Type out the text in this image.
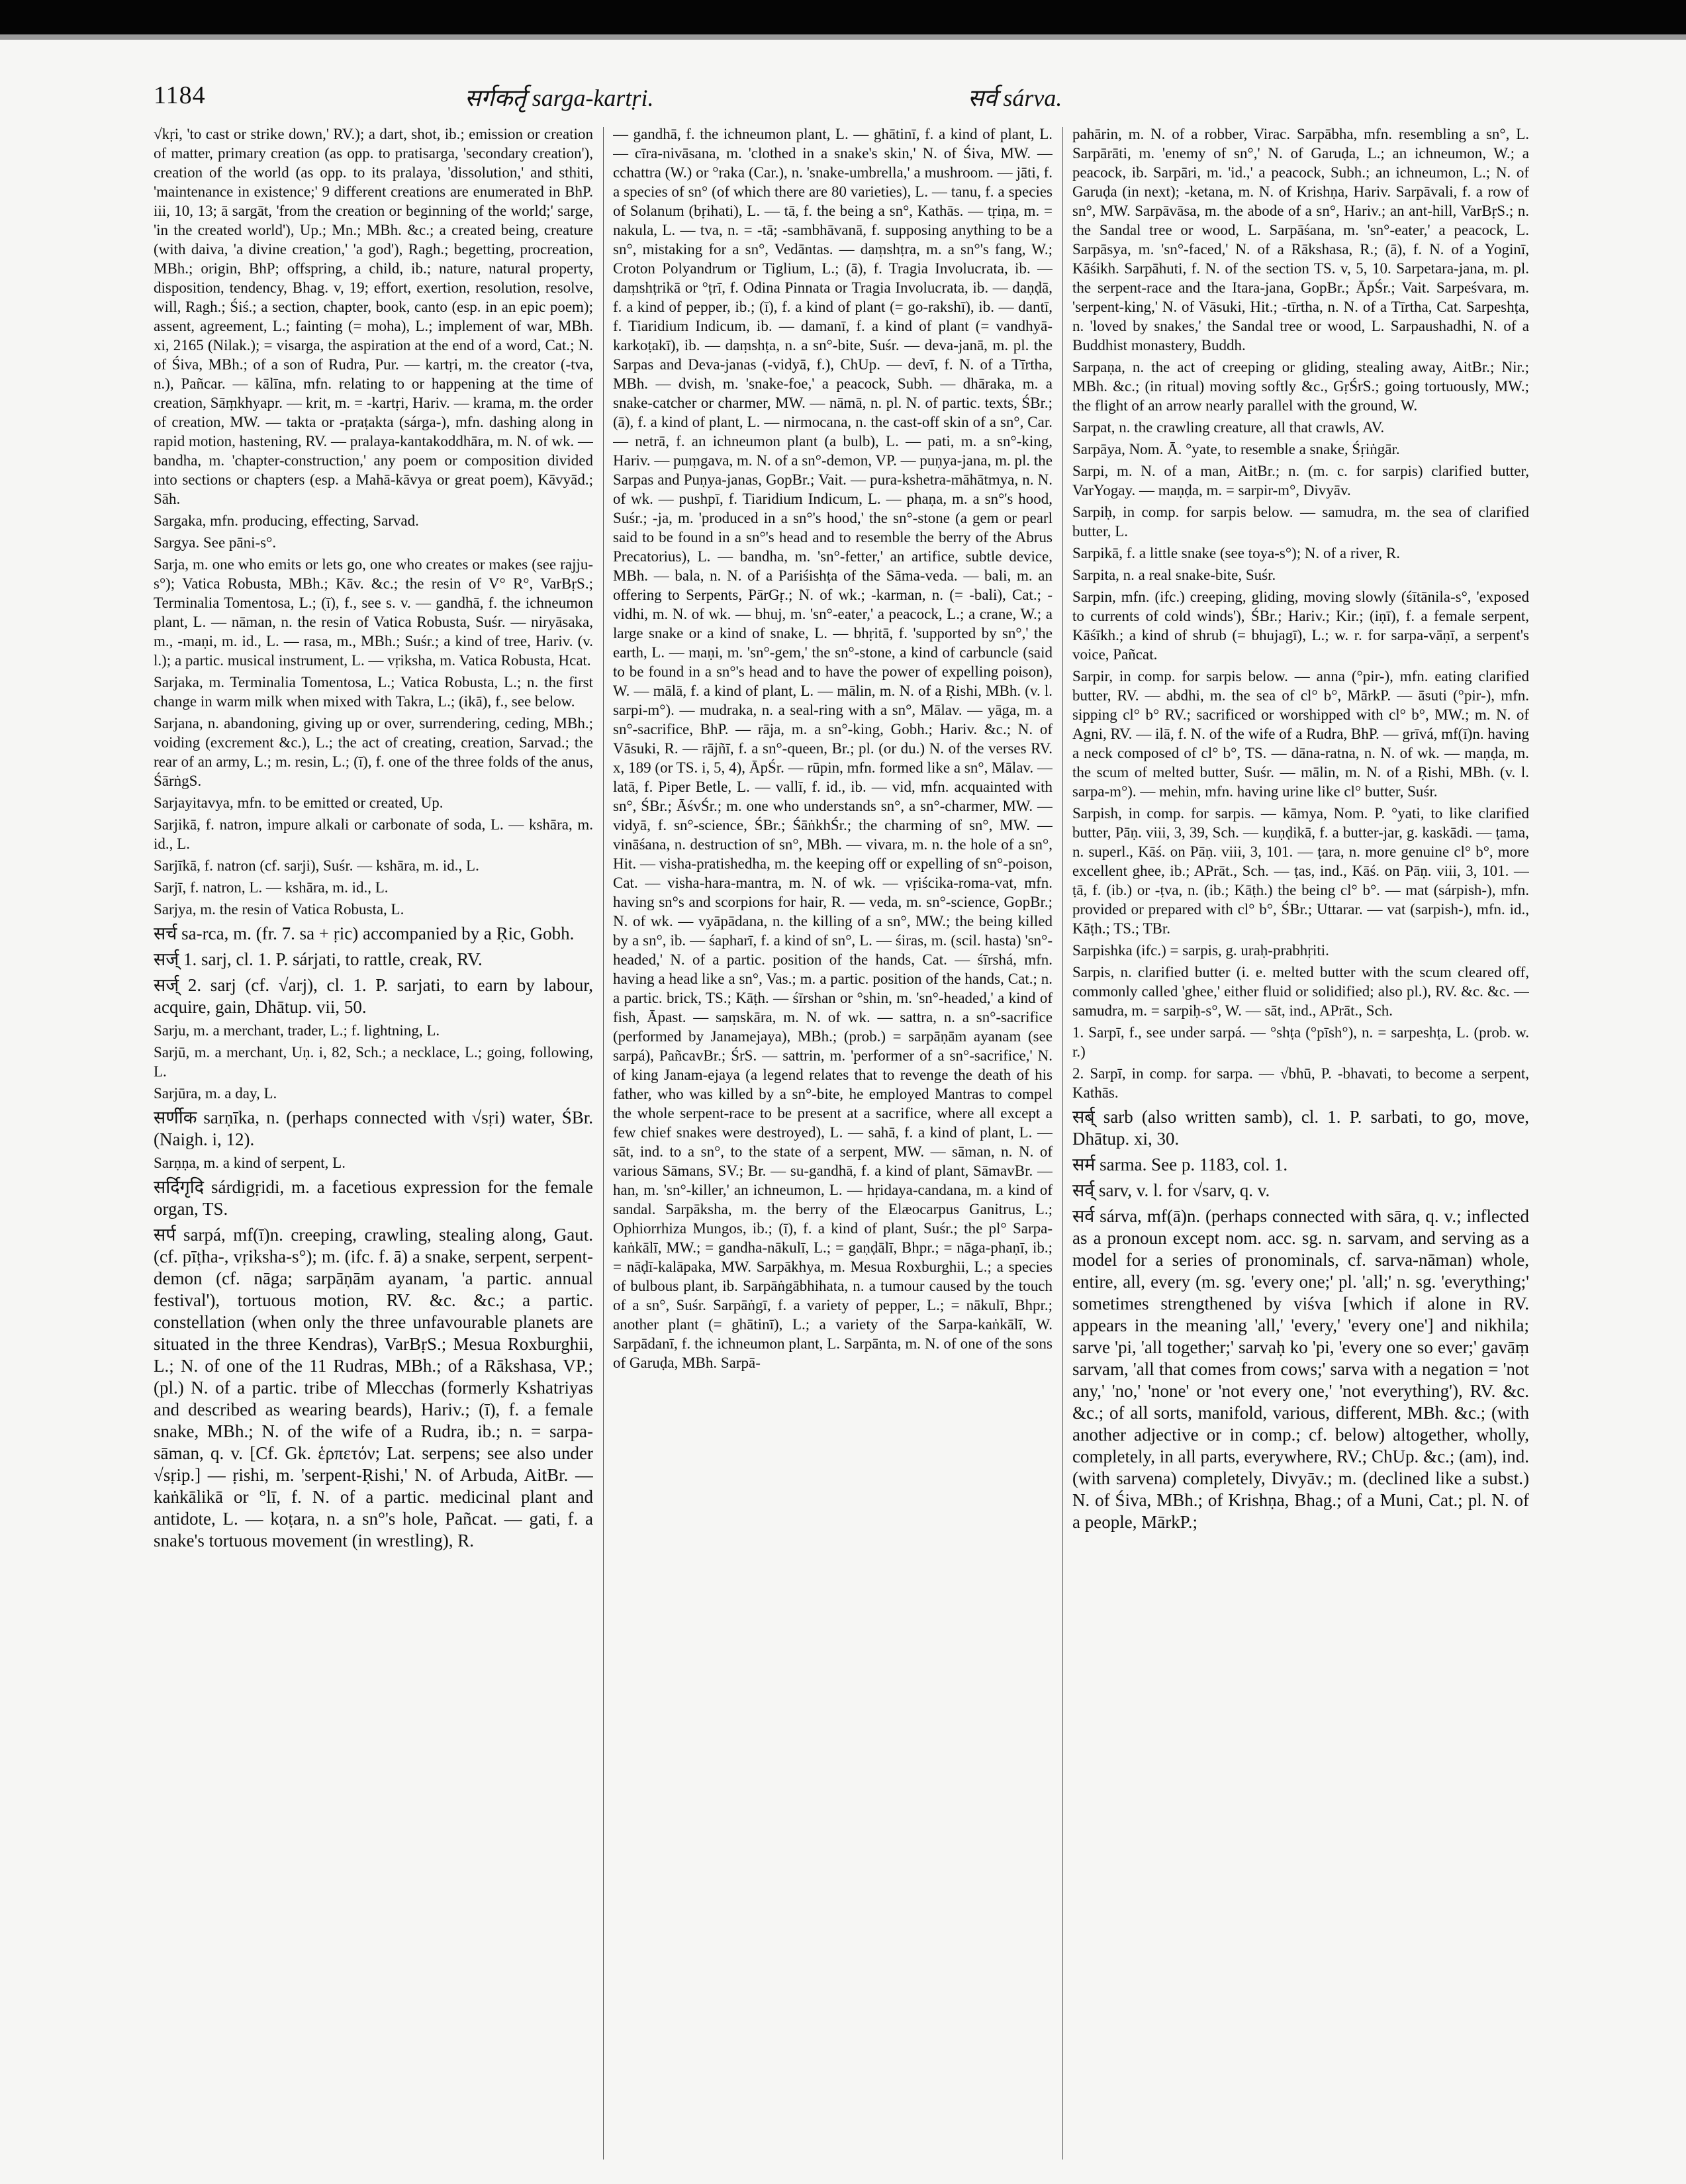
1184	सर्गकर्तृ sarga-kartṛi.	सर्व sárva.

√kṛi, 'to cast or strike down,' RV.); a dart, shot, ib.; emission or creation of matter, primary creation (as opp. to pratisarga, 'secondary creation'), creation of the world (as opp. to its pralaya, 'dissolution,' and sthiti, 'maintenance in existence;' 9 different creations are enumerated in BhP. iii, 10, 13; ā sargāt, 'from the creation or beginning of the world;' sarge, 'in the created world'), Up.; Mn.; MBh. &c.; a created being, creature (with daiva, 'a divine creation,' 'a god'), Ragh.; begetting, procreation, MBh.; origin, BhP; offspring, a child, ib.; nature, natural property, disposition, tendency, Bhag. v, 19; effort, exertion, resolution, resolve, will, Ragh.; Śiś.; a section, chapter, book, canto (esp. in an epic poem); assent, agreement, L.; fainting (= moha), L.; implement of war, MBh. xi, 2165 (Nilak.); = visarga, the aspiration at the end of a word, Cat.; N. of Śiva, MBh.; of a son of Rudra, Pur. — kartṛi, m. the creator (-tva, n.), Pañcar. — kālīna, mfn. relating to or happening at the time of creation, Sāṃkhyapr. — krit, m. = -kartṛi, Hariv. — krama, m. the order of creation, MW. — takta or -praṭakta (sárga-), mfn. dashing along in rapid motion, hastening, RV. — pralaya-kantakoddhāra, m. N. of wk. — bandha, m. 'chapter-construction,' any poem or composition divided into sections or chapters (esp. a Mahā-kāvya or great poem), Kāvyād.; Sāh.

Sargaka, mfn. producing, effecting, Sarvad.

Sargya. See pāni-s°.

Sarja, m. one who emits or lets go, one who creates or makes (see rajju-s°); Vatica Robusta, MBh.; Kāv. &c.; the resin of V° R°, VarBṛS.; Terminalia Tomentosa, L.; (ī), f., see s. v. — gandhā, f. the ichneumon plant, L. — nāman, n. the resin of Vatica Robusta, Suśr. — niryāsaka, m., -maṇi, m. id., L. — rasa, m., MBh.; Suśr.; a kind of tree, Hariv. (v. l.); a partic. musical instrument, L. — vṛiksha, m. Vatica Robusta, Hcat.

Sarjaka, m. Terminalia Tomentosa, L.; Vatica Robusta, L.; n. the first change in warm milk when mixed with Takra, L.; (ikā), f., see below.

Sarjana, n. abandoning, giving up or over, surrendering, ceding, MBh.; voiding (excrement &c.), L.; the act of creating, creation, Sarvad.; the rear of an army, L.; m. resin, L.; (ī), f. one of the three folds of the anus, ŚārṅgS.

Sarjayitavya, mfn. to be emitted or created, Up.

Sarjikā, f. natron, impure alkali or carbonate of soda, L. — kshāra, m. id., L.

Sarjīkā, f. natron (cf. sarji), Suśr. — kshāra, m. id., L.

Sarjī, f. natron, L. — kshāra, m. id., L.

Sarjya, m. the resin of Vatica Robusta, L.

सर्च sa-rca, m. (fr. 7. sa + ṛic) accompanied by a Ṛic, Gobh.

सर्ज् 1. sarj, cl. 1. P. sárjati, to rattle, creak, RV.

सर्ज् 2. sarj (cf. √arj), cl. 1. P. sarjati, to earn by labour, acquire, gain, Dhātup. vii, 50.

Sarju, m. a merchant, trader, L.; f. lightning, L.

Sarjū, m. a merchant, Uṇ. i, 82, Sch.; a necklace, L.; going, following, L.

Sarjūra, m. a day, L.

सर्णीक sarṇīka, n. (perhaps connected with √sṛi) water, ŚBr. (Naigh. i, 12).

Sarṇṇa, m. a kind of serpent, L.

सर्दिगृदि sárdigṛidi, m. a facetious expression for the female organ, TS.

सर्प sarpá, mf(ī)n. creeping, crawling, stealing along, Gaut. (cf. pīṭha-, vṛiksha-s°); m. (ifc. f. ā) a snake, serpent, serpent-demon (cf. nāga; sarpāṇām ayanam, 'a partic. annual festival'), tortuous motion, RV. &c. &c.; a partic. constellation (when only the three unfavourable planets are situated in the three Kendras), VarBṛS.; Mesua Roxburghii, L.; N. of one of the 11 Rudras, MBh.; of a Rākshasa, VP.; (pl.) N. of a partic. tribe of Mlecchas (formerly Kshatriyas and described as wearing beards), Hariv.; (ī), f. a female snake, MBh.; N. of the wife of a Rudra, ib.; n. = sarpa-sāman, q. v. [Cf. Gk. ἑρπετόν; Lat. serpens; see also under √sṛip.] — ṛishi, m. 'serpent-Ṛishi,' N. of Arbuda, AitBr. — kaṅkālikā or °lī, f. N. of a partic. medicinal plant and antidote, L. — koṭara, n. a sn°'s hole, Pañcat. — gati, f. a snake's tortuous movement (in wrestling), R.

— gandhā, f. the ichneumon plant, L. — ghātinī, f. a kind of plant, L. — cīra-nivāsana, m. 'clothed in a snake's skin,' N. of Śiva, MW. — cchattra (W.) or °raka (Car.), n. 'snake-umbrella,' a mushroom. — jāti, f. a species of sn° (of which there are 80 varieties), L. — tanu, f. a species of Solanum (bṛihati), L. — tā, f. the being a sn°, Kathās. — tṛiṇa, m. = nakula, L. — tva, n. = -tā; -sambhāvanā, f. supposing anything to be a sn°, mistaking for a sn°, Vedāntas. — daṃshṭra, m. a sn°'s fang, W.; Croton Polyandrum or Tiglium, L.; (ā), f. Tragia Involucrata, ib. — daṃshṭrikā or °ṭrī, f. Odina Pinnata or Tragia Involucrata, ib. — daṇḍā, f. a kind of pepper, ib.; (ī), f. a kind of plant (= go-rakshī), ib. — dantī, f. Tiaridium Indicum, ib. — damanī, f. a kind of plant (= vandhyā-karkoṭakī), ib. — daṃshṭa, n. a sn°-bite, Suśr. — deva-janā, m. pl. the Sarpas and Deva-janas (-vidyā, f.), ChUp. — devī, f. N. of a Tīrtha, MBh. — dvish, m. 'snake-foe,' a peacock, Subh. — dhāraka, m. a snake-catcher or charmer, MW. — nāmā, n. pl. N. of partic. texts, ŚBr.; (ā), f. a kind of plant, L. — nirmocana, n. the cast-off skin of a sn°, Car. — netrā, f. an ichneumon plant (a bulb), L. — pati, m. a sn°-king, Hariv. — puṃgava, m. N. of a sn°-demon, VP. — puṇya-jana, m. pl. the Sarpas and Puṇya-janas, GopBr.; Vait. — pura-kshetra-māhātmya, n. N. of wk. — pushpī, f. Tiaridium Indicum, L. — phaṇa, m. a sn°'s hood, Suśr.; -ja, m. 'produced in a sn°'s hood,' the sn°-stone (a gem or pearl said to be found in a sn°'s head and to resemble the berry of the Abrus Precatorius), L. — bandha, m. 'sn°-fetter,' an artifice, subtle device, MBh. — bala, n. N. of a Pariśishṭa of the Sāma-veda. — bali, m. an offering to Serpents, PārGṛ.; N. of wk.; -karman, n. (= -bali), Cat.; -vidhi, m. N. of wk. — bhuj, m. 'sn°-eater,' a peacock, L.; a crane, W.; a large snake or a kind of snake, L. — bhṛitā, f. 'supported by sn°,' the earth, L. — maṇi, m. 'sn°-gem,' the sn°-stone, a kind of carbuncle (said to be found in a sn°'s head and to have the power of expelling poison), W. — mālā, f. a kind of plant, L. — mālin, m. N. of a Ṛishi, MBh. (v. l. sarpi-m°). — mudraka, n. a seal-ring with a sn°, Mālav. — yāga, m. a sn°-sacrifice, BhP. — rāja, m. a sn°-king, Gobh.; Hariv. &c.; N. of Vāsuki, R. — rājñī, f. a sn°-queen, Br.; pl. (or du.) N. of the verses RV. x, 189 (or TS. i, 5, 4), ĀpŚr. — rūpin, mfn. formed like a sn°, Mālav. — latā, f. Piper Betle, L. — vallī, f. id., ib. — vid, mfn. acquainted with sn°, ŚBr.; ĀśvŚr.; m. one who understands sn°, a sn°-charmer, MW. — vidyā, f. sn°-science, ŚBr.; ŚāṅkhŚr.; the charming of sn°, MW. — vināśana, n. destruction of sn°, MBh. — vivara, m. n. the hole of a sn°, Hit. — visha-pratishedha, m. the keeping off or expelling of sn°-poison, Cat. — visha-hara-mantra, m. N. of wk. — vṛiścika-roma-vat, mfn. having sn°s and scorpions for hair, R. — veda, m. sn°-science, GopBr.; N. of wk. — vyāpādana, n. the killing of a sn°, MW.; the being killed by a sn°, ib. — śapharī, f. a kind of sn°, L. — śiras, m. (scil. hasta) 'sn°-headed,' N. of a partic. position of the hands, Cat. — śīrshá, mfn. having a head like a sn°, Vas.; m. a partic. position of the hands, Cat.; n. a partic. brick, TS.; Kāṭh. — śīrshan or °shin, m. 'sn°-headed,' a kind of fish, Āpast. — saṃskāra, m. N. of wk. — sattra, n. a sn°-sacrifice (performed by Janamejaya), MBh.; (prob.) = sarpāṇām ayanam (see sarpá), PañcavBr.; ŚrS. — sattrin, m. 'performer of a sn°-sacrifice,' N. of king Janam-ejaya (a legend relates that to revenge the death of his father, who was killed by a sn°-bite, he employed Mantras to compel the whole serpent-race to be present at a sacrifice, where all except a few chief snakes were destroyed), L. — sahā, f. a kind of plant, L. — sāt, ind. to a sn°, to the state of a serpent, MW. — sāman, n. N. of various Sāmans, SV.; Br. — su-gandhā, f. a kind of plant, SāmavBr. — han, m. 'sn°-killer,' an ichneumon, L. — hṛidaya-candana, m. a kind of sandal. Sarpāksha, m. the berry of the Elæocarpus Ganitrus, L.; Ophiorrhiza Mungos, ib.; (ī), f. a kind of plant, Suśr.; the pl° Sarpa-kaṅkālī, MW.; = gandha-nākulī, L.; = gaṇḍālī, Bhpr.; = nāga-phaṇī, ib.; = nāḍī-kalāpaka, MW. Sarpākhya, m. Mesua Roxburghii, L.; a species of bulbous plant, ib. Sarpāṅgābhihata, n. a tumour caused by the touch of a sn°, Suśr. Sarpāṅgī, f. a variety of pepper, L.; = nākulī, Bhpr.; another plant (= ghātinī), L.; a variety of the Sarpa-kaṅkālī, W. Sarpādanī, f. the ichneumon plant, L. Sarpānta, m. N. of one of the sons of Garuḍa, MBh. Sarpā-

pahārin, m. N. of a robber, Virac. Sarpābha, mfn. resembling a sn°, L. Sarpārāti, m. 'enemy of sn°,' N. of Garuḍa, L.; an ichneumon, W.; a peacock, ib. Sarpāri, m. 'id.,' a peacock, Subh.; an ichneumon, L.; N. of Garuḍa (in next); -ketana, m. N. of Krishṇa, Hariv. Sarpāvali, f. a row of sn°, MW. Sarpāvāsa, m. the abode of a sn°, Hariv.; an ant-hill, VarBṛS.; n. the Sandal tree or wood, L. Sarpāśana, m. 'sn°-eater,' a peacock, L. Sarpāsya, m. 'sn°-faced,' N. of a Rākshasa, R.; (ā), f. N. of a Yoginī, Kāśikh. Sarpāhuti, f. N. of the section TS. v, 5, 10. Sarpetara-jana, m. pl. the serpent-race and the Itara-jana, GopBr.; ĀpŚr.; Vait. Sarpeśvara, m. 'serpent-king,' N. of Vāsuki, Hit.; -tīrtha, n. N. of a Tīrtha, Cat. Sarpeshṭa, n. 'loved by snakes,' the Sandal tree or wood, L. Sarpaushadhi, N. of a Buddhist monastery, Buddh.

Sarpaṇa, n. the act of creeping or gliding, stealing away, AitBr.; Nir.; MBh. &c.; (in ritual) moving softly &c., GṛŚrS.; going tortuously, MW.; the flight of an arrow nearly parallel with the ground, W.

Sarpat, n. the crawling creature, all that crawls, AV.

Sarpāya, Nom. Ā. °yate, to resemble a snake, Śṛiṅgār.

Sarpi, m. N. of a man, AitBr.; n. (m. c. for sarpis) clarified butter, VarYogay. — maṇḍa, m. = sarpir-m°, Divyāv.

Sarpiḥ, in comp. for sarpis below. — samudra, m. the sea of clarified butter, L.

Sarpikā, f. a little snake (see toya-s°); N. of a river, R.

Sarpita, n. a real snake-bite, Suśr.

Sarpin, mfn. (ifc.) creeping, gliding, moving slowly (śītānila-s°, 'exposed to currents of cold winds'), ŚBr.; Hariv.; Kir.; (iṇī), f. a female serpent, Kāśīkh.; a kind of shrub (= bhujagī), L.; w. r. for sarpa-vāṇī, a serpent's voice, Pañcat.

Sarpir, in comp. for sarpis below. — anna (°pir-), mfn. eating clarified butter, RV. — abdhi, m. the sea of cl° b°, MārkP. — āsuti (°pir-), mfn. sipping cl° b° RV.; sacrificed or worshipped with cl° b°, MW.; m. N. of Agni, RV. — ilā, f. N. of the wife of a Rudra, BhP. — grīvá, mf(ī)n. having a neck composed of cl° b°, TS. — dāna-ratna, n. N. of wk. — maṇḍa, m. the scum of melted butter, Suśr. — mālin, m. N. of a Ṛishi, MBh. (v. l. sarpa-m°). — mehin, mfn. having urine like cl° butter, Suśr.

Sarpish, in comp. for sarpis. — kāmya, Nom. P. °yati, to like clarified butter, Pāṇ. viii, 3, 39, Sch. — kuṇḍikā, f. a butter-jar, g. kaskādi. — ṭama, n. superl., Kāś. on Pāṇ. viii, 3, 101. — ṭara, n. more genuine cl° b°, more excellent ghee, ib.; APrāt., Sch. — ṭas, ind., Kāś. on Pāṇ. viii, 3, 101. — ṭā, f. (ib.) or -ṭva, n. (ib.; Kāṭh.) the being cl° b°. — mat (sárpish-), mfn. provided or prepared with cl° b°, ŚBr.; Uttarar. — vat (sarpish-), mfn. id., Kāṭh.; TS.; TBr.

Sarpishka (ifc.) = sarpis, g. uraḥ-prabhṛiti.

Sarpis, n. clarified butter (i. e. melted butter with the scum cleared off, commonly called 'ghee,' either fluid or solidified; also pl.), RV. &c. &c. — samudra, m. = sarpiḥ-s°, W. — sāt, ind., APrāt., Sch.

1. Sarpī, f., see under sarpá. — °shṭa (°pīsh°), n. = sarpeshṭa, L. (prob. w. r.)

2. Sarpī, in comp. for sarpa. — √bhū, P. -bhavati, to become a serpent, Kathās.

सर्ब् sarb (also written samb), cl. 1. P. sarbati, to go, move, Dhātup. xi, 30.

सर्म sarma. See p. 1183, col. 1.

सर्व् sarv, v. l. for √sarv, q. v.

सर्व sárva, mf(ā)n. (perhaps connected with sāra, q. v.; inflected as a pronoun except nom. acc. sg. n. sarvam, and serving as a model for a series of pronominals, cf. sarva-nāman) whole, entire, all, every (m. sg. 'every one;' pl. 'all;' n. sg. 'everything;' sometimes strengthened by viśva [which if alone in RV. appears in the meaning 'all,' 'every,' 'every one'] and nikhila; sarve 'pi, 'all together;' sarvaḥ ko 'pi, 'every one so ever;' gavāṃ sarvam, 'all that comes from cows;' sarva with a negation = 'not any,' 'no,' 'none' or 'not every one,' 'not everything'), RV. &c. &c.; of all sorts, manifold, various, different, MBh. &c.; (with another adjective or in comp.; cf. below) altogether, wholly, completely, in all parts, everywhere, RV.; ChUp. &c.; (am), ind. (with sarvena) completely, Divyāv.; m. (declined like a subst.) N. of Śiva, MBh.; of Krishṇa, Bhag.; of a Muni, Cat.; pl. N. of a people, MārkP.;
